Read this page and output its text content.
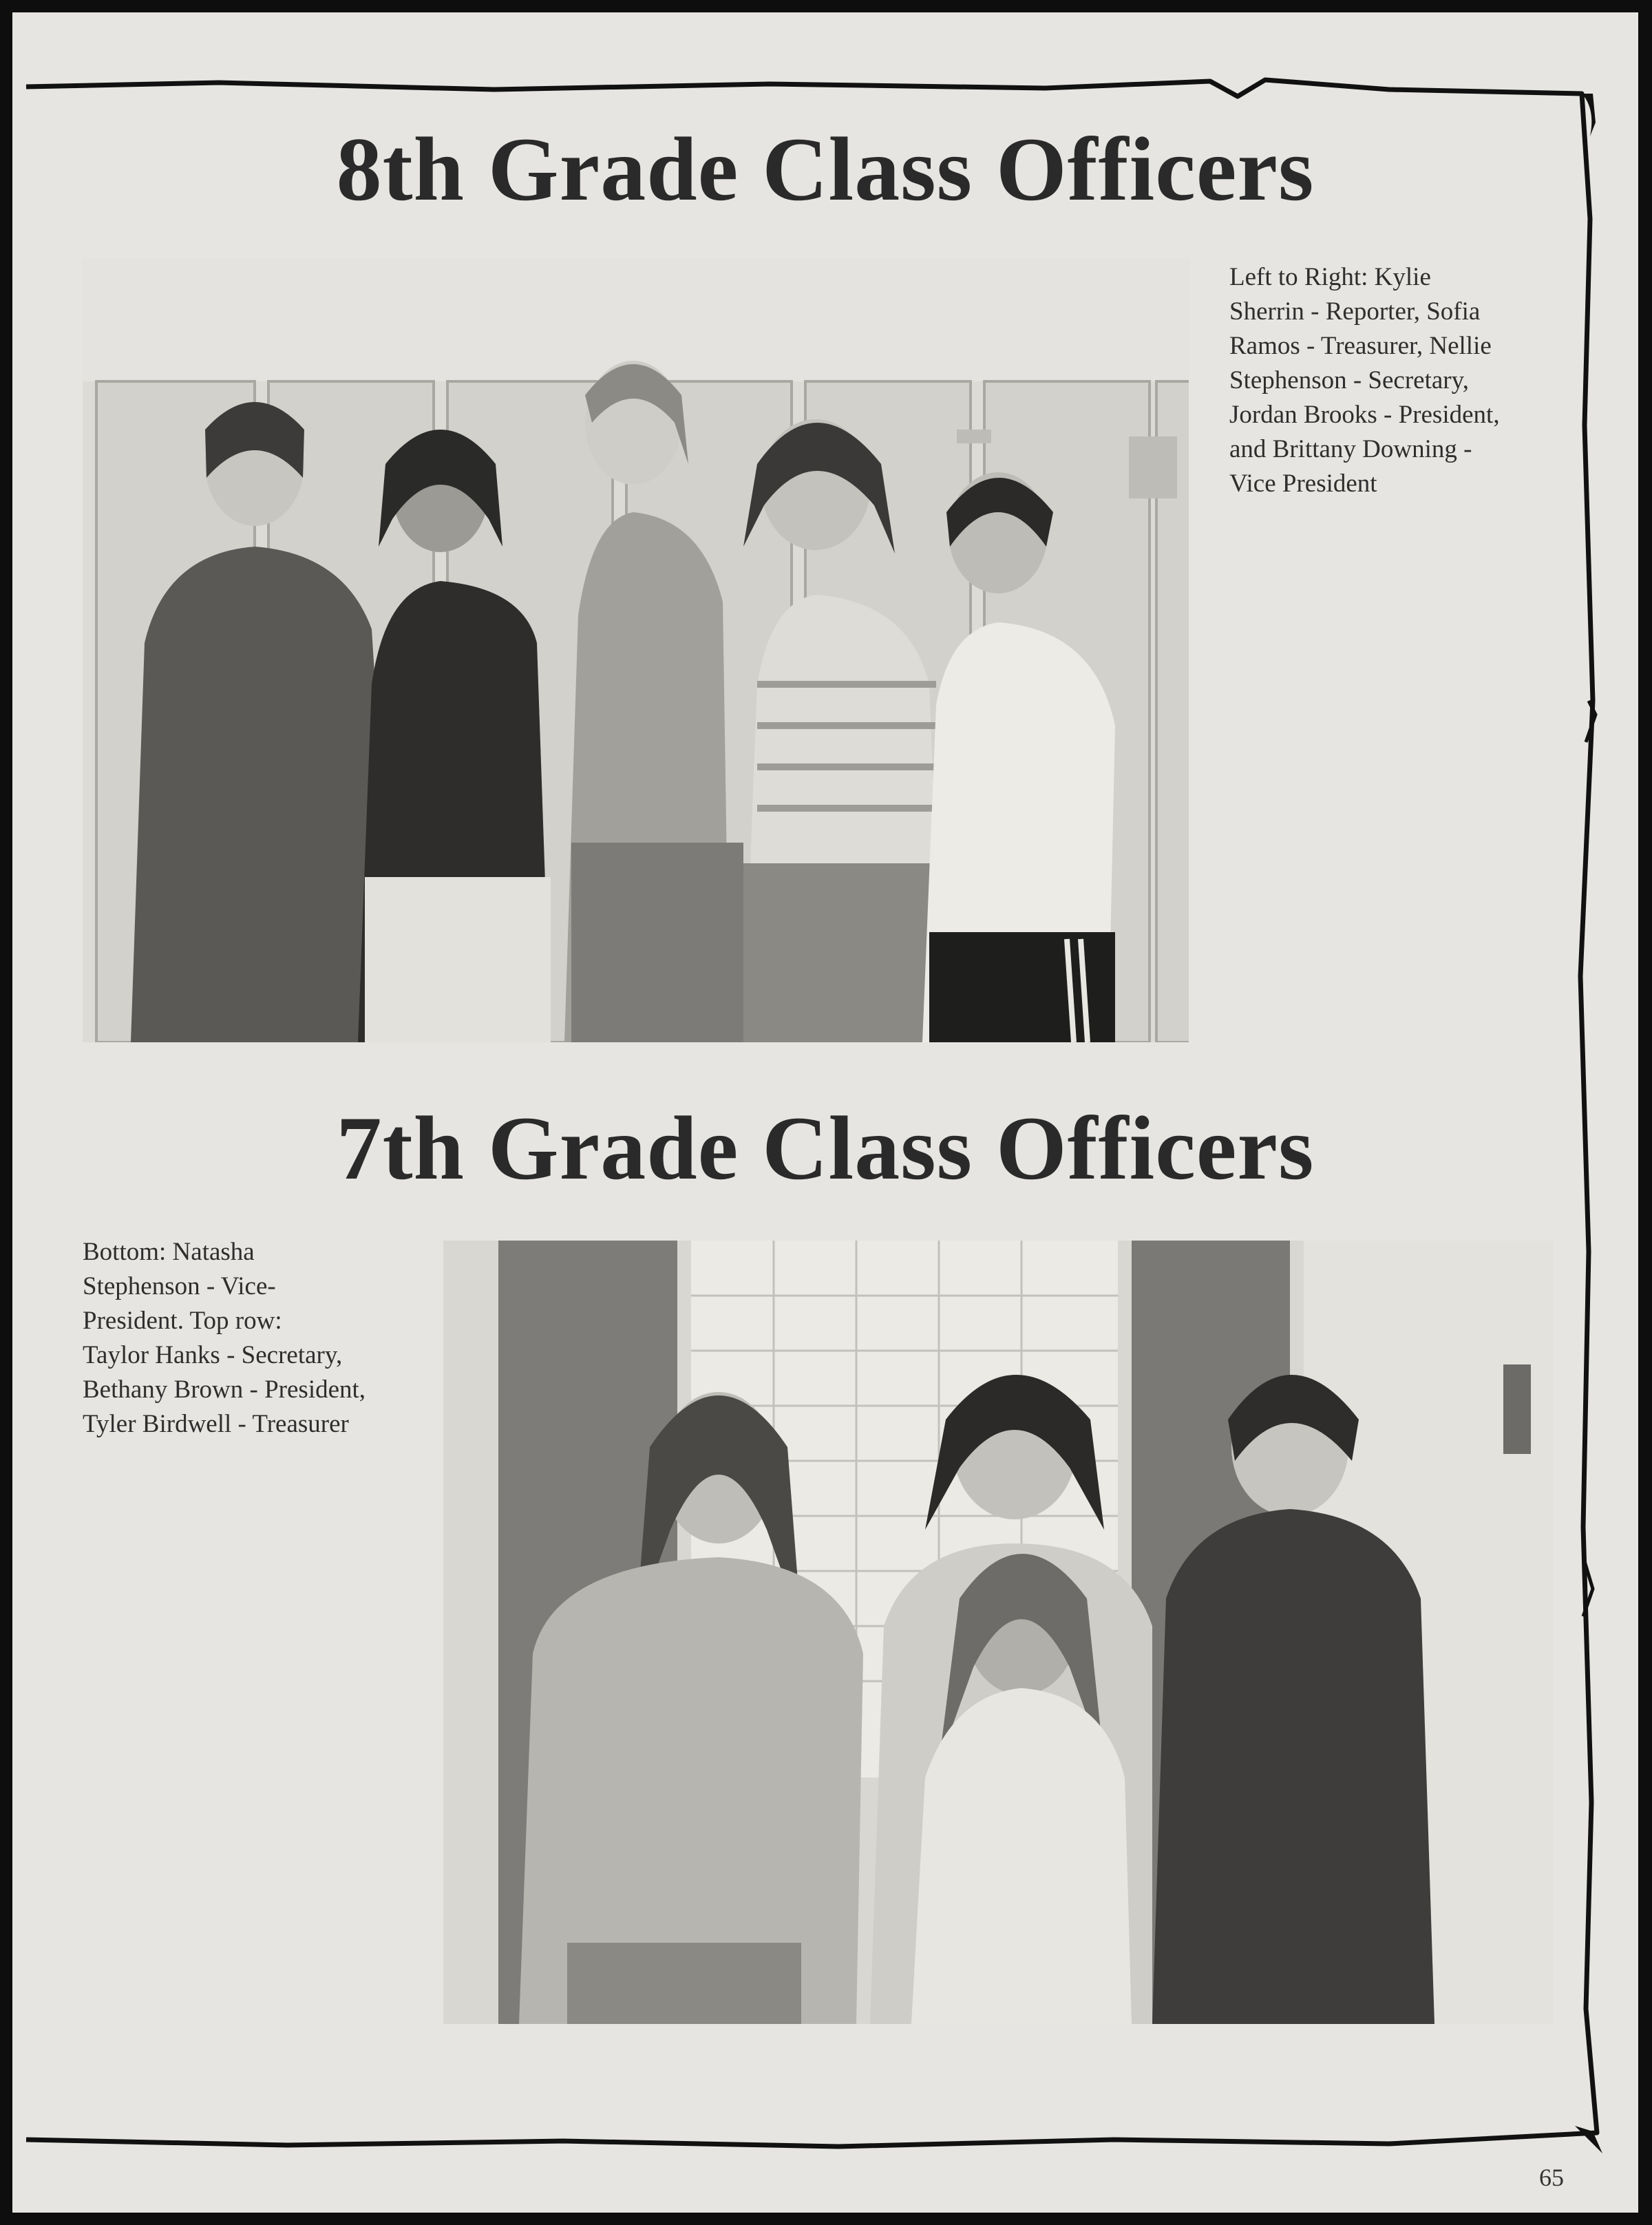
8th Grade Class Officers
Left to Right: Kylie
Sherrin - Reporter, Sofia
Ramos - Treasurer, Nellie
Stephenson - Secretary,
Jordan Brooks - President,
and Brittany Downing -
Vice President
7th Grade Class Officers
Bottom: Natasha
Stephenson - Vice-
President. Top row:
Taylor Hanks - Secretary,
Bethany Brown - President,
Tyler Birdwell - Treasurer
65
